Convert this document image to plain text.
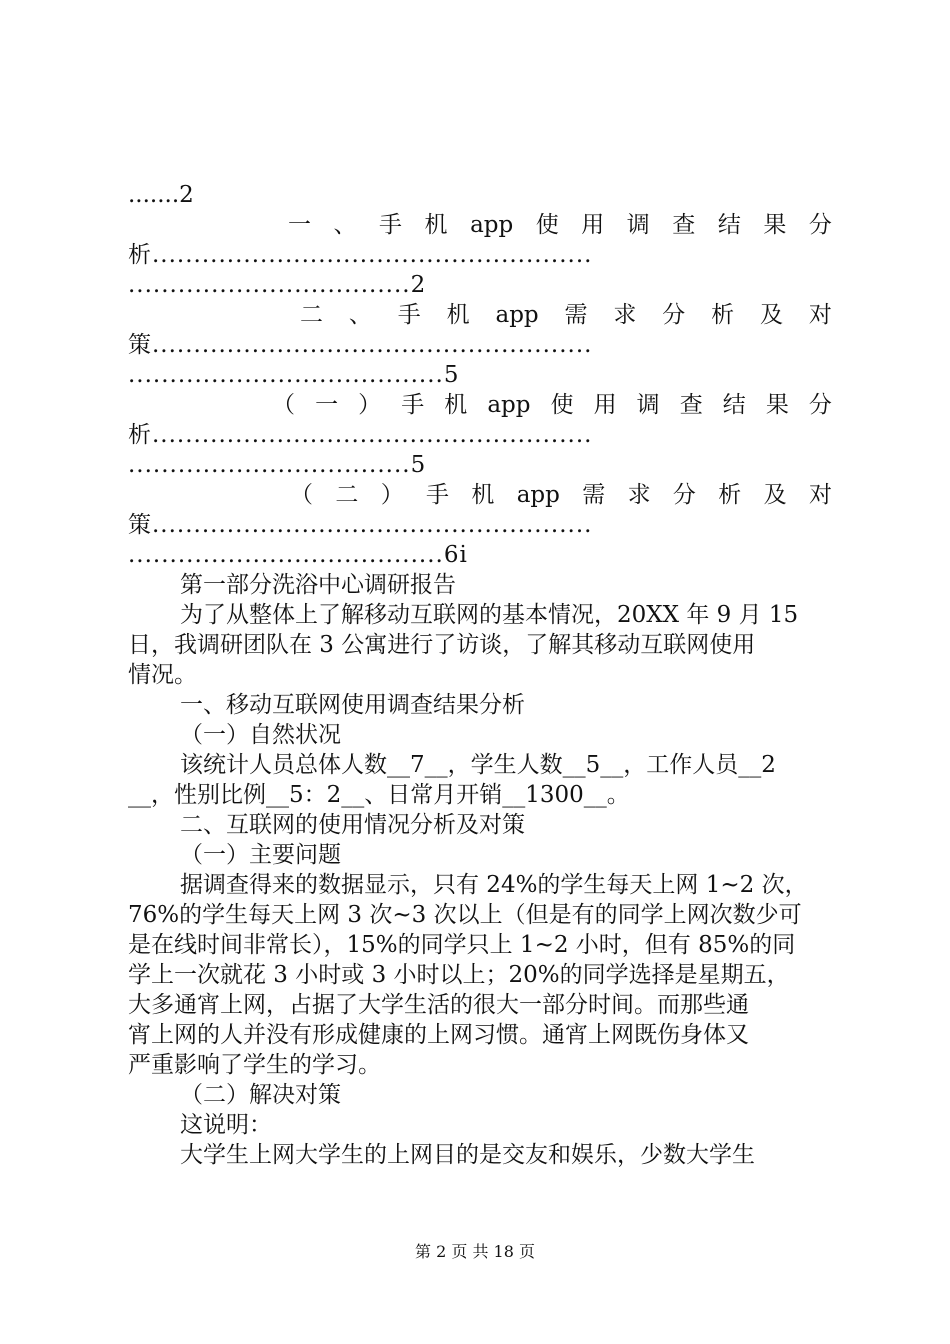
.......2
一 、 手 机 app 使 用 调 查 结 果 分
析.....................................................
..................................2
二 、 手 机 app 需 求 分 析 及 对
策.....................................................
......................................5
（ 一 ） 手 机 app 使 用 调 查 结 果 分
析.....................................................
..................................5
（ 二 ） 手 机 app 需 求 分 析 及 对
策.....................................................
......................................6i
第一部分洗浴中心调研报告
为了从整体上了解移动互联网的基本情况，20XX 年 9 月 15
日，我调研团队在 3 公寓进行了访谈，了解其移动互联网使用
情况。
一、移动互联网使用调查结果分析
（一）自然状况
该统计人员总体人数__7__，学生人数__5__，工作人员__2
__，性别比例__5：2__、日常月开销__1300__。
二、互联网的使用情况分析及对策
（一）主要问题
据调查得来的数据显示，只有 24%的学生每天上网 1~2 次，
76%的学生每天上网 3 次~3 次以上（但是有的同学上网次数少可
是在线时间非常长），15%的同学只上 1~2 小时，但有 85%的同
学上一次就花 3 小时或 3 小时以上；20%的同学选择是星期五，
大多通宵上网，占据了大学生活的很大一部分时间。而那些通
宵上网的人并没有形成健康的上网习惯。通宵上网既伤身体又
严重影响了学生的学习。
（二）解决对策
这说明：
大学生上网大学生的上网目的是交友和娱乐，少数大学生
第 2 页 共 18 页
